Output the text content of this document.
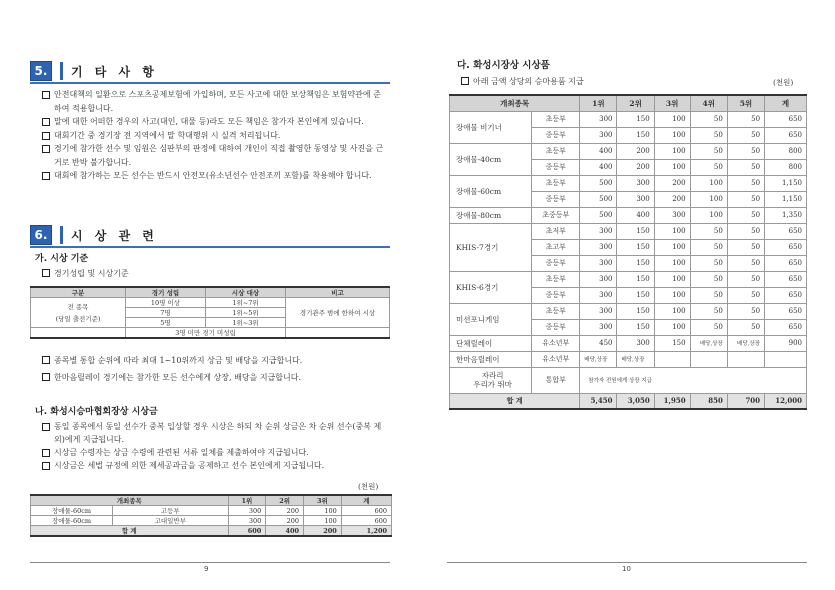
5.	기 타 사 항
안전대책의 일환으로 스포츠공제보험에 가입하며, 모든 사고에 대한 보상책임은 보험약관에 준하여 적용합니다.
말에 대한 어떠한 경우의 사고(대인, 대물 등)라도 모든 책임은 참가자 본인에게 있습니다.
대회기간 중 경기장 전 지역에서 말 학대행위 시 실격 처리됩니다.
경기에 참가한 선수 및 임원은 심판부의 판정에 대하여 개인이 직접 촬영한 동영상 및 사진을 근거로 반박 불가합니다.
대회에 참가하는 모든 선수는 반드시 안전모(유소년선수 안전조끼 포함)를 착용해야 합니다.
6.	시 상 관 련
가. 시상 기준
경기성립 및 시상기준
구분	경기 성립	시상 대상	비고
전 종목
(당일 출전기준)	10명 이상	1위~7위	경기관주 범에 한하여 시상
	7명	1위~5위	
	5명	1위~3위	
	3명 미만 경기 미성립		
종목별 통합 순위에 따라 최대 1~10위까지 상금 및 배당을 지급합니다.
한마음릴레이 경기에는 참가한 모든 선수에게 상장, 배당을 지급합니다.
나. 화성시승마협회장상 시상금
동일 종목에서 동일 선수가 중복 입상할 경우 시상은 하되 차 순위 상금은 차 순위 선수(중복 제외)에게 지급됩니다.
시상금 수령자는 상금 수령에 관련된 서류 일체를 제출하여야 지급됩니다.
시상금은 세법 규정에 의한 제세공과금을 공제하고 선수 본인에게 지급됩니다.
(천원)
개최종목		1위	2위	3위	계
장애물-60cm	고등부	300	200	100	600
장애물-60cm	고대일반부	300	200	100	600
합 계		600	400	200	1,200
9
다. 화성시장상 시상품
아래 금액 상당의 승마용품 지급	(천원)
개최종목		1위	2위	3위	4위	5위	계
장애물 비기너	초등부	300	150	100	50	50	650
	중등부	300	150	100	50	50	650
장애물-40cm	초등부	400	200	100	50	50	800
	중등부	400	200	100	50	50	800
장애물-60cm	초등부	500	300	200	100	50	1,150
	중등부	500	300	200	100	50	1,150
장애물-80cm	초중등부	500	400	300	100	50	1,350
KHIS-7경기	초저부	300	150	100	50	50	650
	초고부	300	150	100	50	50	650
	중등부	300	150	100	50	50	650
KHIS-6경기	초등부	300	150	100	50	50	650
	중등부	300	150	100	50	50	650
미션포니게임	초등부	300	150	100	50	50	650
	중등부	300	150	100	50	50	650
단체릴레이	유소년부	450	300	150	배당,상장	배당,상장	900
한마음릴레이	유소년부	배당,상장	배당,상장				
자라리
우리가 뛰마	통합부	참가자 전원에게 상장 지급					
합 계		5,450	3,050	1,950	850	700	12,000
10
